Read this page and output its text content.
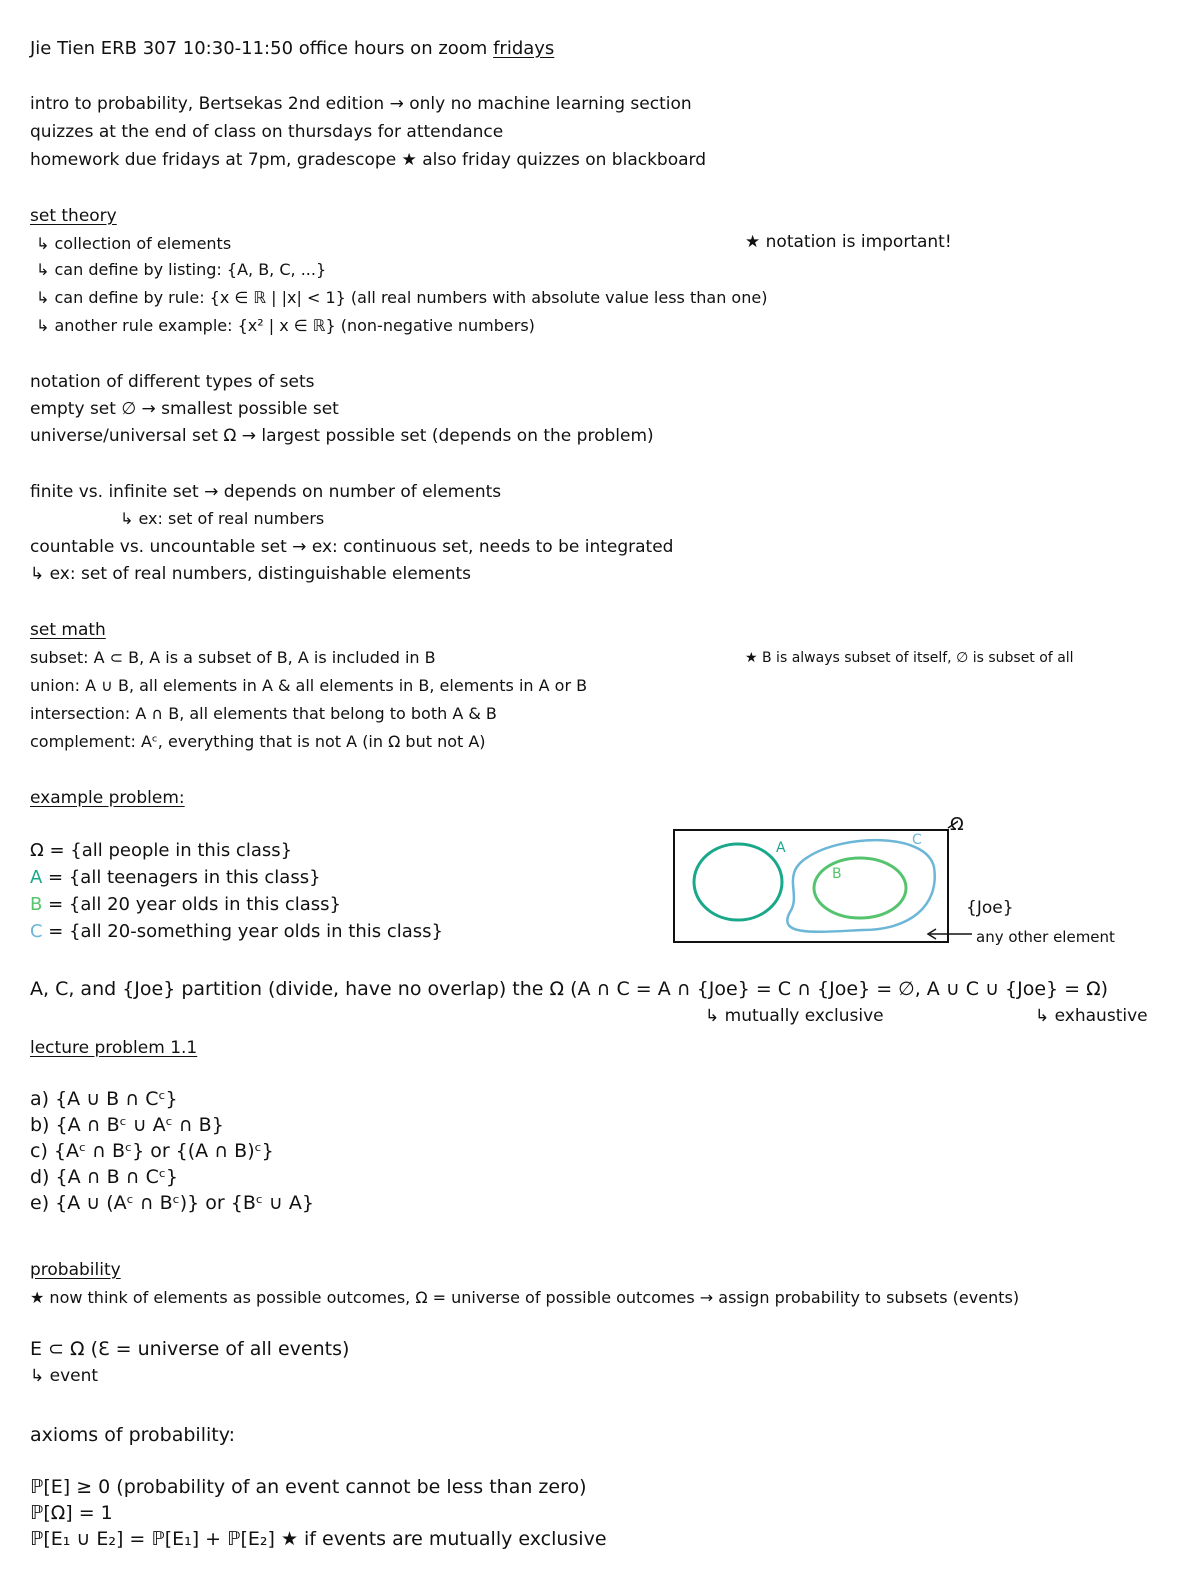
Jie Tien ERB 307 10:30-11:50 office hours on zoom fridays
intro to probability, Bertsekas 2nd edition → only no machine learning section
quizzes at the end of class on thursdays for attendance
homework due fridays at 7pm, gradescope ★ also friday quizzes on blackboard
set theory
↳ collection of elements	★ notation is important!
↳ can define by listing: {A, B, C, ...}
↳ can define by rule: {x ∈ ℝ | |x| < 1} (all real numbers with absolute value less than one)
↳ another rule example: {x² | x ∈ ℝ} (non-negative numbers)
notation of different types of sets
empty set ∅ → smallest possible set
universe/universal set Ω → largest possible set (depends on the problem)
finite vs. infinite set → depends on number of elements
↳ ex: set of real numbers
countable vs. uncountable set → ex: continuous set, needs to be integrated
↳ ex: set of real numbers, distinguishable elements
set math
subset: A ⊂ B, A is a subset of B, A is included in B	★ B is always subset of itself, ∅ is subset of all
union: A ∪ B, all elements in A & all elements in B, elements in A or B
intersection: A ∩ B, all elements that belong to both A & B
complement: Aᶜ, everything that is not A (in Ω but not A)
example problem:
Ω = {all people in this class}
A = {all teenagers in this class}
B = {all 20 year olds in this class}
C = {all 20-something year olds in this class}
Ω
A	C
B
{Joe}
any other element
A, C, and {Joe} partition (divide, have no overlap) the Ω (A ∩ C = A ∩ {Joe} = C ∩ {Joe} = ∅, A ∪ C ∪ {Joe} = Ω)
↳ mutually exclusive	↳ exhaustive
lecture problem 1.1
a) {A ∪ B ∩ Cᶜ}
b) {A ∩ Bᶜ ∪ Aᶜ ∩ B}
c) {Aᶜ ∩ Bᶜ} or {(A ∩ B)ᶜ}
d) {A ∩ B ∩ Cᶜ}
e) {A ∪ (Aᶜ ∩ Bᶜ)} or {Bᶜ ∪ A}
probability
★ now think of elements as possible outcomes, Ω = universe of possible outcomes → assign probability to subsets (events)
E ⊂ Ω (Ɛ = universe of all events)
↳ event
axioms of probability:
ℙ[E] ≥ 0 (probability of an event cannot be less than zero)
ℙ[Ω] = 1
ℙ[E₁ ∪ E₂] = ℙ[E₁] + ℙ[E₂] ★ if events are mutually exclusive
